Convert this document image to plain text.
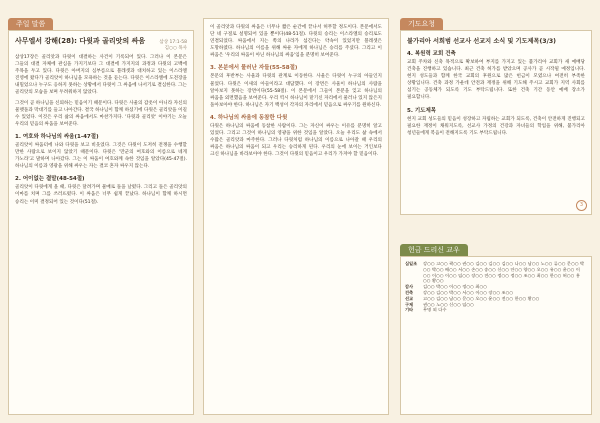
주일 말씀
사무엘서 강해(28): 다윗과 골리앗의 싸움	삼상 17:1-58
김○○ 목사

삼상17장은 골리앗과 다윗이 대결하는 사건이 기록되어 있다. 그러나 이 본문은 그들의 대결 자체에 관심을 가지기보다 그 대결에 가지지의 과정과 다윗의 고백에 주목을 두고 있다. 다윗은 아버지의 심부름으로 블레셋과 대치하고 있는 이스라엘 진영에 왔다가 골리앗이 하나님을 모욕하는 것을 듣는다. 다윗은 이스라엘에 도전장을 내밀었으나 누구도 응하지 못하는 상황에서 다윗이 그 싸움에 나서기로 결심한다. 그는 골리앗의 모습을 보며 두려워하지 않았다.

그것이 곧 하나님을 신뢰하는 믿음이기 때문이다. 다윗은 사울의 갑옷이 아니라 자신의 물맷돌과 막대기를 들고 나아간다. 결국 하나님이 함께 하셨기에 다윗은 골리앗을 이길 수 있었다. 이것은 우리 삶의 싸움에서도 마찬가지다. '다윗과 골리앗' 이야기는 오늘 우리의 믿음의 싸움을 보여준다.

1. 여호와 하나님의 싸움(1-47절)

골리앗이 싸움터에 나와 다윗을 보고 비웃었다. 그것은 다윗이 도저히 전쟁을 수행할 만한 사람으로 보이지 않았기 때문이다. 다윗은 '만군의 여호와의 이름으로 네게 가노라'고 말하며 나아갔다. 그는 이 싸움이 여호와께 속한 것임을 알았다(45-47절). 하나님의 이름과 영광을 위해 싸우는 자는 결코 혼자 싸우지 않는다.

2. 어이없는 결말(48-54절)

골리앗이 다윗에게 올 때, 다윗은 달려가며 물매로 돌을 날렸다. 그리고 돌은 골리앗의 이마를 치며 그를 쓰러뜨렸다. 이 싸움은 너무 쉽게 끝났다. 하나님이 함께 하시면 승리는 이미 결정되어 있는 것이다(51절).

이 골리앗과 다윗의 싸움은 너무나 짧은 순간에 끝나서 허무할 정도이다. 본문에서도 단 네 구절로 설명되어 있을 뿐이다(48-51절). 다윗의 승리는 이스라엘의 승리로도 연결되었다. 싸움에서 지는 쪽의 나라가 섬긴다는 약속이 있었지만 블레셋은 도망하였다. 하나님의 이름을 위해 싸운 자에게 하나님은 승리를 주셨다. 그리고 이 싸움은 '우리의 싸움이 아닌 하나님의 싸움'임을 분명히 보여준다.

3. 본분에서 물러난 자들(55-58절)

본문의 후반부는 사울과 다윗의 관계로 이동한다. 사울은 다윗이 누구의 아들인지 물었다. 다윗은 이새의 아들이라고 대답했다. 이 장면은 사울이 하나님의 사람을 알아보지 못하는 장면이다(55-58절). 이 본문에서 그들이 본분을 잊고 하나님의 싸움을 외면했음을 보여준다. 우리 역시 하나님이 맡기신 자리에서 물러나 있지 않은지 돌아보아야 한다. 하나님은 자기 백성이 각자의 자리에서 믿음으로 싸우기를 원하신다.

4. 하나님의 싸움에 동참한 다윗

다윗은 하나님의 싸움에 동참한 사람이다. 그는 자신이 싸우는 이유를 분명히 알고 있었다. 그리고 그것이 하나님의 영광을 위한 것임을 알았다. 오늘 우리도 삶 속에서 수많은 골리앗과 마주한다. 그러나 다윗처럼 하나님의 이름으로 나아갈 때 우리의 싸움은 하나님의 싸움이 되고 우리는 승리하게 된다. 우리의 눈에 보이는 거인보다 크신 하나님을 바라보아야 한다. 그것이 다윗의 믿음이고 우리가 가져야 할 믿음이다.

기도요청
불가리아 서희범 선교사 선교지 소식 및 기도제목(3/3)
4. 복원력 교회 건축

교회 주차와 신축 목적으로 확보하여 부지를 가지고 있는 불가리아 교회가 새 예배당 건축을 진행하고 있습니다. 최근 건축 허가를 받았으며 공사가 곧 시작될 예정입니다. 현지 성도들과 함께 한국 교회의 후원으로 많은 헌금이 모였으나 여전히 부족한 상황입니다. 건축 과정 가운데 안전과 재정을 위해 기도해 주시고 교회가 지역 사회를 섬기는 공동체가 되도록 기도 부탁드립니다. 또한 건축 기간 동안 예배 장소가 필요합니다.

5. 기도제목

현지 교회 성도들의 믿음이 성장하고 자립하는 교회가 되도록, 건축이 안전하게 진행되고 필요한 재정이 채워지도록, 선교사 가정의 건강과 자녀들의 학업을 위해, 불가리아 청년들에게 복음이 전해지도록 기도 부탁드립니다.

3
헌금 드리신 교우
십일조	강○○ 고○○ 곽○○ 권○○ 김○○ 김○○ 김○○ 나○○ 남○○ 노○○ 류○○ 문○○ 박○○ 박○○ 배○○ 서○○ 손○○ 송○○ 신○○ 안○○ 양○○ 오○○ 유○○ 윤○○ 이○○ 이○○ 이○○ 임○○ 장○○ 전○○ 정○○ 정○○ 조○○ 최○○ 한○○ 허○○ 홍○○ 황○○
감사	김○○ 박○○ 이○○ 정○○ 최○○
건축	강○○ 김○○ 박○○ 서○○ 이○○ 장○○ 조○○
선교	고○○ 김○○ 남○○ 문○○ 오○○ 윤○○ 전○○ 한○○ 황○○
구제	권○○ 노○○ 신○○ 임○○
기타	무명 외 다수
